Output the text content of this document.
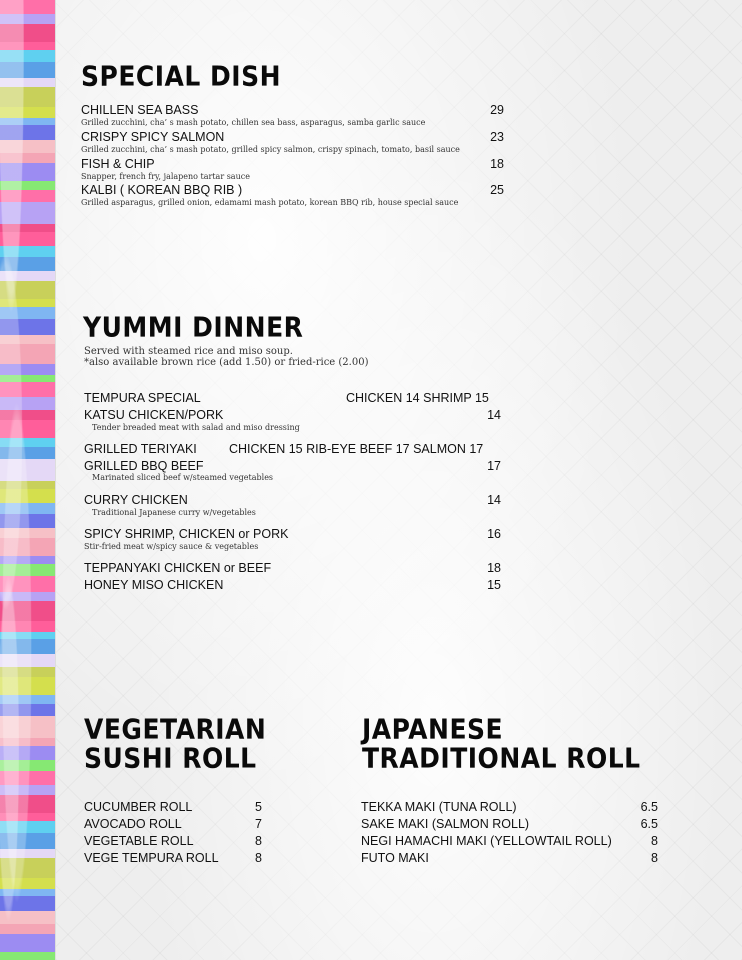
SPECIAL DISH
CHILLEN SEA BASS	29
Grilled zucchini, cha’ s mash potato, chillen sea bass, asparagus, samba garlic sauce
CRISPY SPICY SALMON	23
Grilled zucchini, cha’ s mash potato, grilled spicy salmon, crispy spinach, tomato, basil sauce
FISH & CHIP	18
Snapper, french fry, jalapeno tartar sauce
KALBI ( KOREAN BBQ RIB )	25
Grilled asparagus, grilled onion, edamami mash potato, korean BBQ rib, house special sauce
YUMMI DINNER
Served with steamed rice and miso soup.
*also available brown rice (add 1.50) or fried-rice (2.00)
TEMPURA SPECIAL	CHICKEN 14 SHRIMP 15
KATSU CHICKEN/PORK	14
Tender breaded meat with salad and miso dressing
GRILLED TERIYAKI	CHICKEN 15 RIB-EYE BEEF 17 SALMON 17
GRILLED BBQ BEEF	17
Marinated sliced beef w/steamed vegetables
CURRY CHICKEN	14
Traditional Japanese curry w/vegetables
SPICY SHRIMP, CHICKEN or PORK	16
Stir-fried meat w/spicy sauce & vegetables
TEPPANYAKI CHICKEN or BEEF	18
HONEY MISO CHICKEN	15
VEGETARIAN
SUSHI ROLL
CUCUMBER ROLL	5
AVOCADO ROLL	7
VEGETABLE ROLL	8
VEGE TEMPURA ROLL	8
JAPANESE
TRADITIONAL ROLL
TEKKA MAKI (TUNA ROLL)	6.5
SAKE MAKI (SALMON ROLL)	6.5
NEGI HAMACHI MAKI (YELLOWTAIL ROLL)	8
FUTO MAKI	8
